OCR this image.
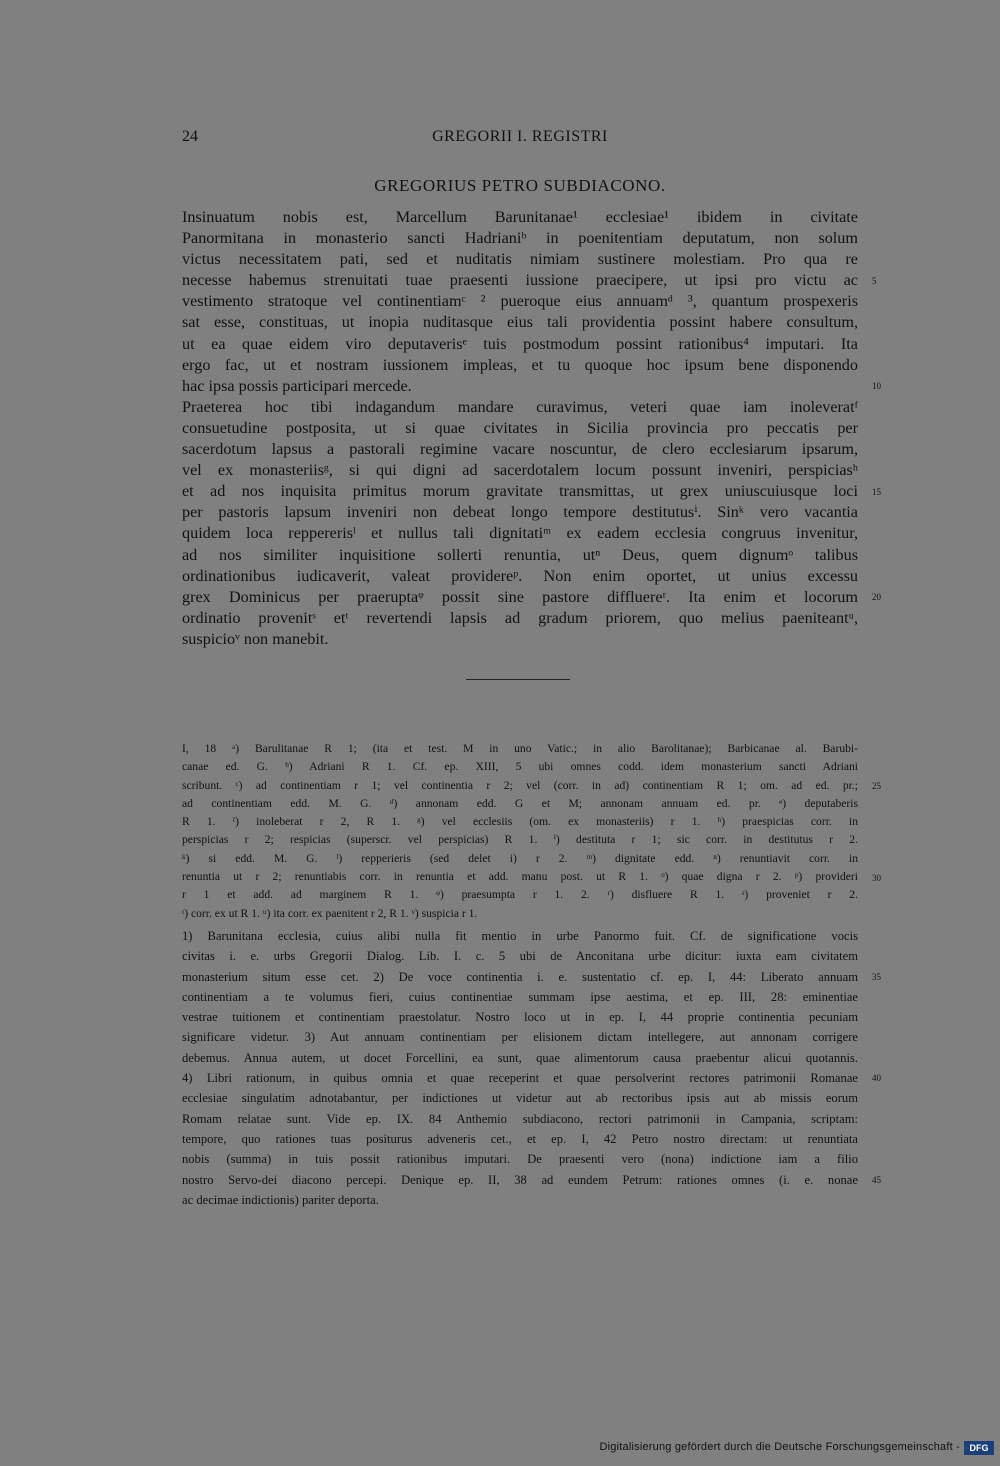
24	GREGORII I. REGISTRI
GREGORIUS PETRO SUBDIACONO.
Insinuatum nobis est, Marcellum Barunitanae¹ ecclesiae¹ ibidem in civitate
Panormitana in monasterio sancti Hadrianiᵇ in poenitentiam deputatum, non solum
victus necessitatem pati, sed et nuditatis nimiam sustinere molestiam. Pro qua re
necesse habemus strenuitati tuae praesenti iussione praecipere, ut ipsi pro victu ac
vestimento stratoque vel continentiamᶜ ² pueroque eius annuamᵈ ³, quantum prospexeris
sat esse, constituas, ut inopia nuditasque eius tali providentia possint habere consultum,
ut ea quae eidem viro deputaverisᵉ tuis postmodum possint rationibus⁴ imputari. Ita
ergo fac, ut et nostram iussionem impleas, et tu quoque hoc ipsum bene disponendo
hac ipsa possis participari mercede.
Praeterea hoc tibi indagandum mandare curavimus, veteri quae iam inoleveratᶠ
consuetudine postposita, ut si quae civitates in Sicilia provincia pro peccatis per
sacerdotum lapsus a pastorali regimine vacare noscuntur, de clero ecclesiarum ipsarum,
vel ex monasteriisᵍ, si qui digni ad sacerdotalem locum possunt inveniri, perspiciasʰ
et ad nos inquisita primitus morum gravitate transmittas, ut grex uniuscuiusque loci
per pastoris lapsum inveniri non debeat longo tempore destitutusⁱ. Sinᵏ vero vacantia
quidem loca reppererisˡ et nullus tali dignitatiᵐ ex eadem ecclesia congruus invenitur,
ad nos similiter inquisitione sollerti renuntia, utⁿ Deus, quem dignumᵒ talibus
ordinationibus iudicaverit, valeat providereᵖ. Non enim oportet, ut unius excessu
grex Dominicus per praeruptaᵠ possit sine pastore diffluereʳ. Ita enim et locorum
ordinatio provenitˢ etᵗ revertendi lapsis ad gradum priorem, quo melius paeniteantᵘ,
suspicioᵛ non manebit.
5
10
15
20
I, 18 ᵃ) Barulitanae R 1; (ita et test. M in uno Vatic.; in alio Barolitanae); Barbicanae al. Barubi-
canae ed. G. ᵇ) Adriani R 1. Cf. ep. XIII, 5 ubi omnes codd. idem monasterium sancti Adriani
scribunt. ᶜ) ad continentiam r 1; vel continentia r 2; vel (corr. in ad) continentiam R 1; om. ad ed. pr.;
ad continentiam edd. M. G. ᵈ) annonam edd. G et M; annonam annuam ed. pr. ᵉ) deputaberis
R 1. ᶠ) inoleberat r 2, R 1. ᵍ) vel ecclesiis (om. ex monasteriis) r 1. ʰ) praespicias corr. in
perspicias r 2; respicias (superscr. vel perspicias) R 1. ⁱ) destituta r 1; sic corr. in destitutus r 2.
ᵏ) si edd. M. G. ˡ) repperieris (sed delet i) r 2. ᵐ) dignitate edd. ⁿ) renuntiavit corr. in
renuntia ut r 2; renuntiabis corr. in renuntia et add. manu post. ut R 1. ᵒ) quae digna r 2. ᵖ) provideri
r 1 et add. ad marginem R 1. ᵠ) praesumpta r 1. 2. ʳ) disfluere R 1. ˢ) proveniet r 2.
ᵗ) corr. ex ut R 1. ᵘ) ita corr. ex paenitent r 2, R 1. ᵛ) suspicia r 1.
25
30
1) Barunitana ecclesia, cuius alibi nulla fit mentio in urbe Panormo fuit. Cf. de significatione vocis
civitas i. e. urbs Gregorii Dialog. Lib. I. c. 5 ubi de Anconitana urbe dicitur: iuxta eam civitatem
monasterium situm esse cet. 2) De voce continentia i. e. sustentatio cf. ep. I, 44: Liberato annuam
continentiam a te volumus fieri, cuius continentiae summam ipse aestima, et ep. III, 28: eminentiae
vestrae tuitionem et continentiam praestolatur. Nostro loco ut in ep. I, 44 proprie continentia pecuniam
significare videtur. 3) Aut annuam continentiam per elisionem dictam intellegere, aut annonam corrigere
debemus. Annua autem, ut docet Forcellini, ea sunt, quae alimentorum causa praebentur alicui quotannis.
4) Libri rationum, in quibus omnia et quae receperint et quae persolverint rectores patrimonii Romanae
ecclesiae singulatim adnotabantur, per indictiones ut videtur aut ab rectoribus ipsis aut ab missis eorum
Romam relatae sunt. Vide ep. IX. 84 Anthemio subdiacono, rectori patrimonii in Campania, scriptam:
tempore, quo rationes tuas positurus adveneris cet., et ep. I, 42 Petro nostro directam: ut renuntiata
nobis (summa) in tuis possit rationibus imputari. De praesenti vero (nona) indictione iam a filio
nostro Servo-dei diacono percepi. Denique ep. II, 38 ad eundem Petrum: rationes omnes (i. e. nonae
ac decimae indictionis) pariter deporta.
35
40
45
Digitalisierung gefördert durch die Deutsche Forschungsgemeinschaft -	DFG
